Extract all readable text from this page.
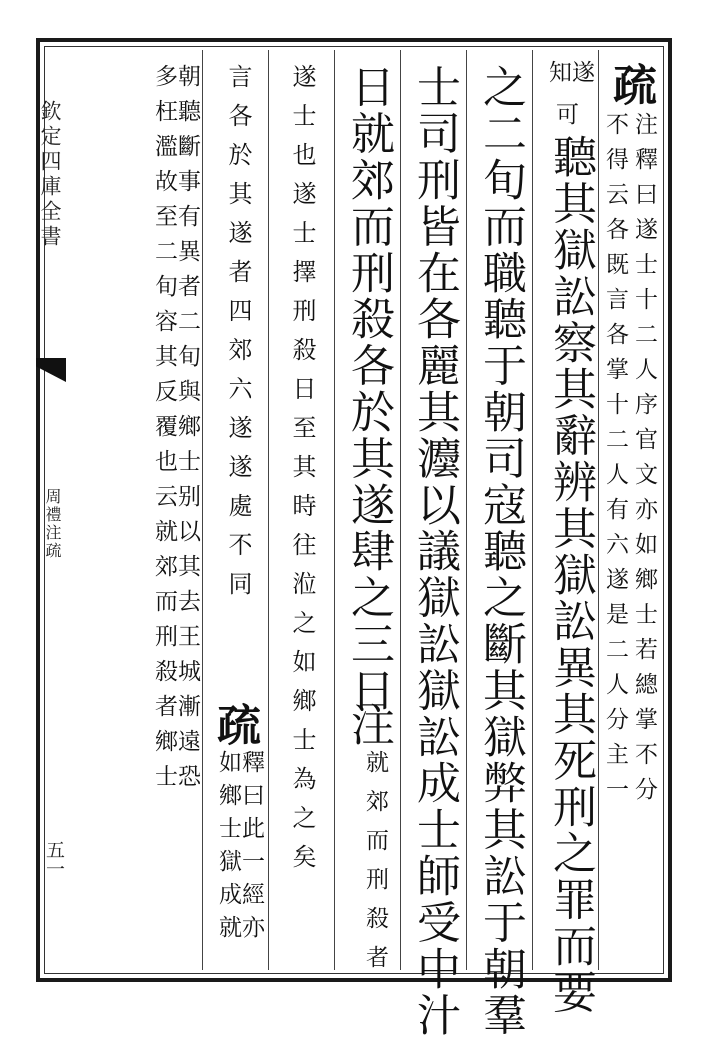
欽定四庫全書
周禮注疏
五一
不得云各既言各掌十二人有六遂是二人分主一 注釋曰遂士十二人序官文亦如鄉士若總掌不分
疏
聽其獄訟察其辭辨其獄訟異其死刑之罪而要
知
遂
可
之二旬而職聽于朝司寇聽之斷其獄弊其訟于朝羣
士司刑皆在各麗其灋以議獄訟獄訟成士師受中汁
日就郊而刑殺各於其遂肆之三日
就郊而刑殺者
注
遂士也遂士擇刑殺日至其時往涖之如鄉士為之矣
言各於其遂者四郊六遂遂處不同
疏
如鄉士獄成就
釋曰此一經亦
多枉濫故至二旬容其反覆也云就郊而刑殺者鄉士
朝聽斷事有異者二旬與鄉士别以其去王城漸遠恐
